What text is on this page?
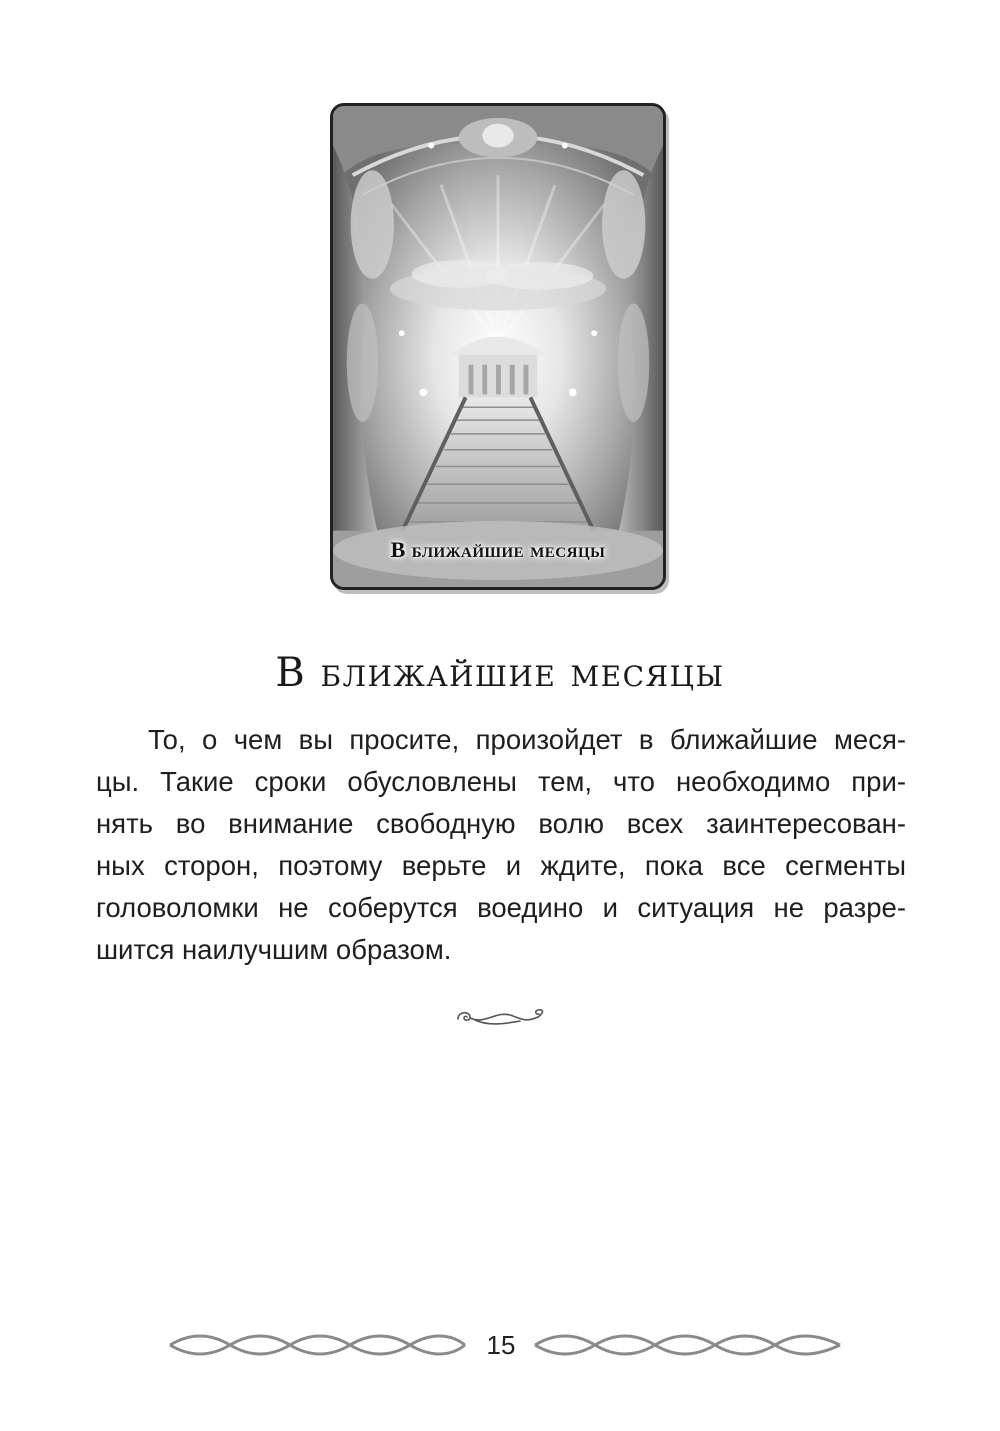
В ближайшие месяцы
В ближайшие месяцы
То, о чем вы просите, произойдет в ближайшие меся-
цы. Такие сроки обусловлены тем, что необходимо при-
нять во внимание свободную волю всех заинтересован-
ных сторон, поэтому верьте и ждите, пока все сегменты
головоломки не соберутся воедино и ситуация не разре-
шится наилучшим образом.
15
